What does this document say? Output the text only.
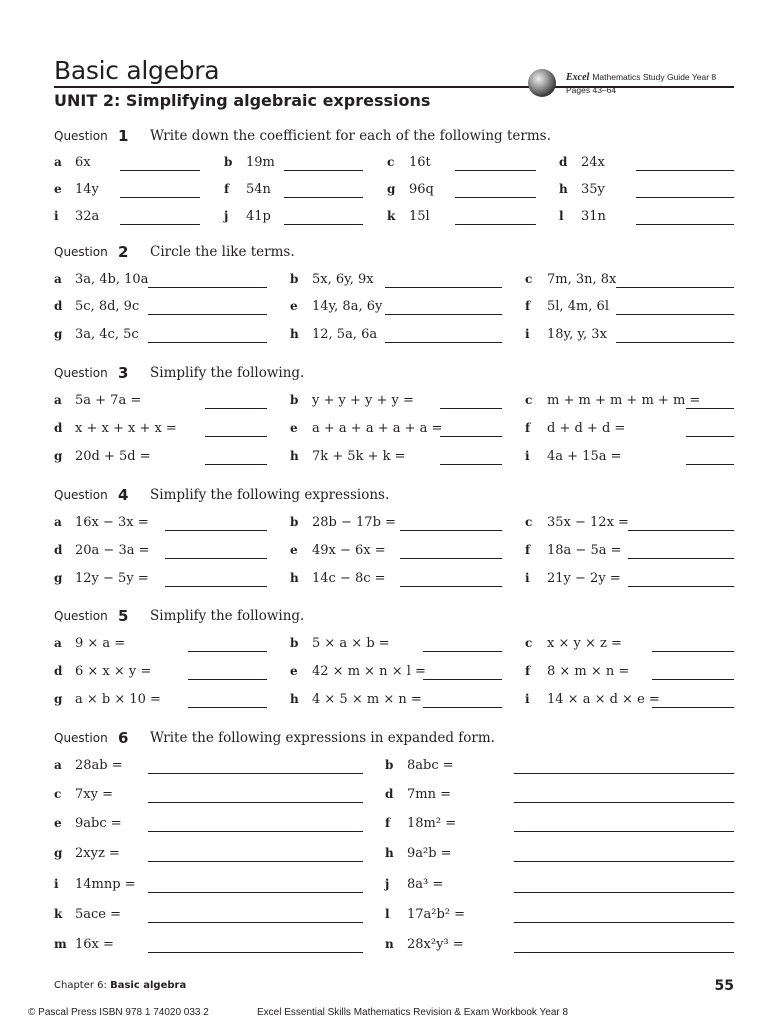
Basic algebra
UNIT 2: Simplifying algebraic expressions
Excel Mathematics Study Guide Year 8
Pages 43–64
Question 1 Write down the coefficient for each of the following terms.
a 6x	b 19m	c 16t	d 24x
e 14y	f 54n	g 96q	h 35y
i 32a	j 41p	k 15l	l 31n
Question 2 Circle the like terms.
a 3a, 4b, 10a	b 5x, 6y, 9x	c 7m, 3n, 8x
d 5c, 8d, 9c	e 14y, 8a, 6y	f 5l, 4m, 6l
g 3a, 4c, 5c	h 12, 5a, 6a	i 18y, y, 3x
Question 3 Simplify the following.
a 5a + 7a =	b y + y + y + y =	c m + m + m + m + m =
d x + x + x + x =	e a + a + a + a + a =	f d + d + d =
g 20d + 5d =	h 7k + 5k + k =	i 4a + 15a =
Question 4 Simplify the following expressions.
a 16x − 3x =	b 28b − 17b =	c 35x − 12x =
d 20a − 3a =	e 49x − 6x =	f 18a − 5a =
g 12y − 5y =	h 14c − 8c =	i 21y − 2y =
Question 5 Simplify the following.
a 9 × a =	b 5 × a × b =	c x × y × z =
d 6 × x × y =	e 42 × m × n × l =	f 8 × m × n =
g a × b × 10 =	h 4 × 5 × m × n =	i 14 × a × d × e =
Question 6 Write the following expressions in expanded form.
a 28ab =	b 8abc =
c 7xy =	d 7mn =
e 9abc =	f 18m² =
g 2xyz =	h 9a²b =
i 14mnp =	j 8a³ =
k 5ace =	l 17a²b² =
m 16x =	n 28x²y³ =
Chapter 6: Basic algebra	55
© Pascal Press ISBN 978 1 74020 033 2	Excel Essential Skills Mathematics Revision & Exam Workbook Year 8
